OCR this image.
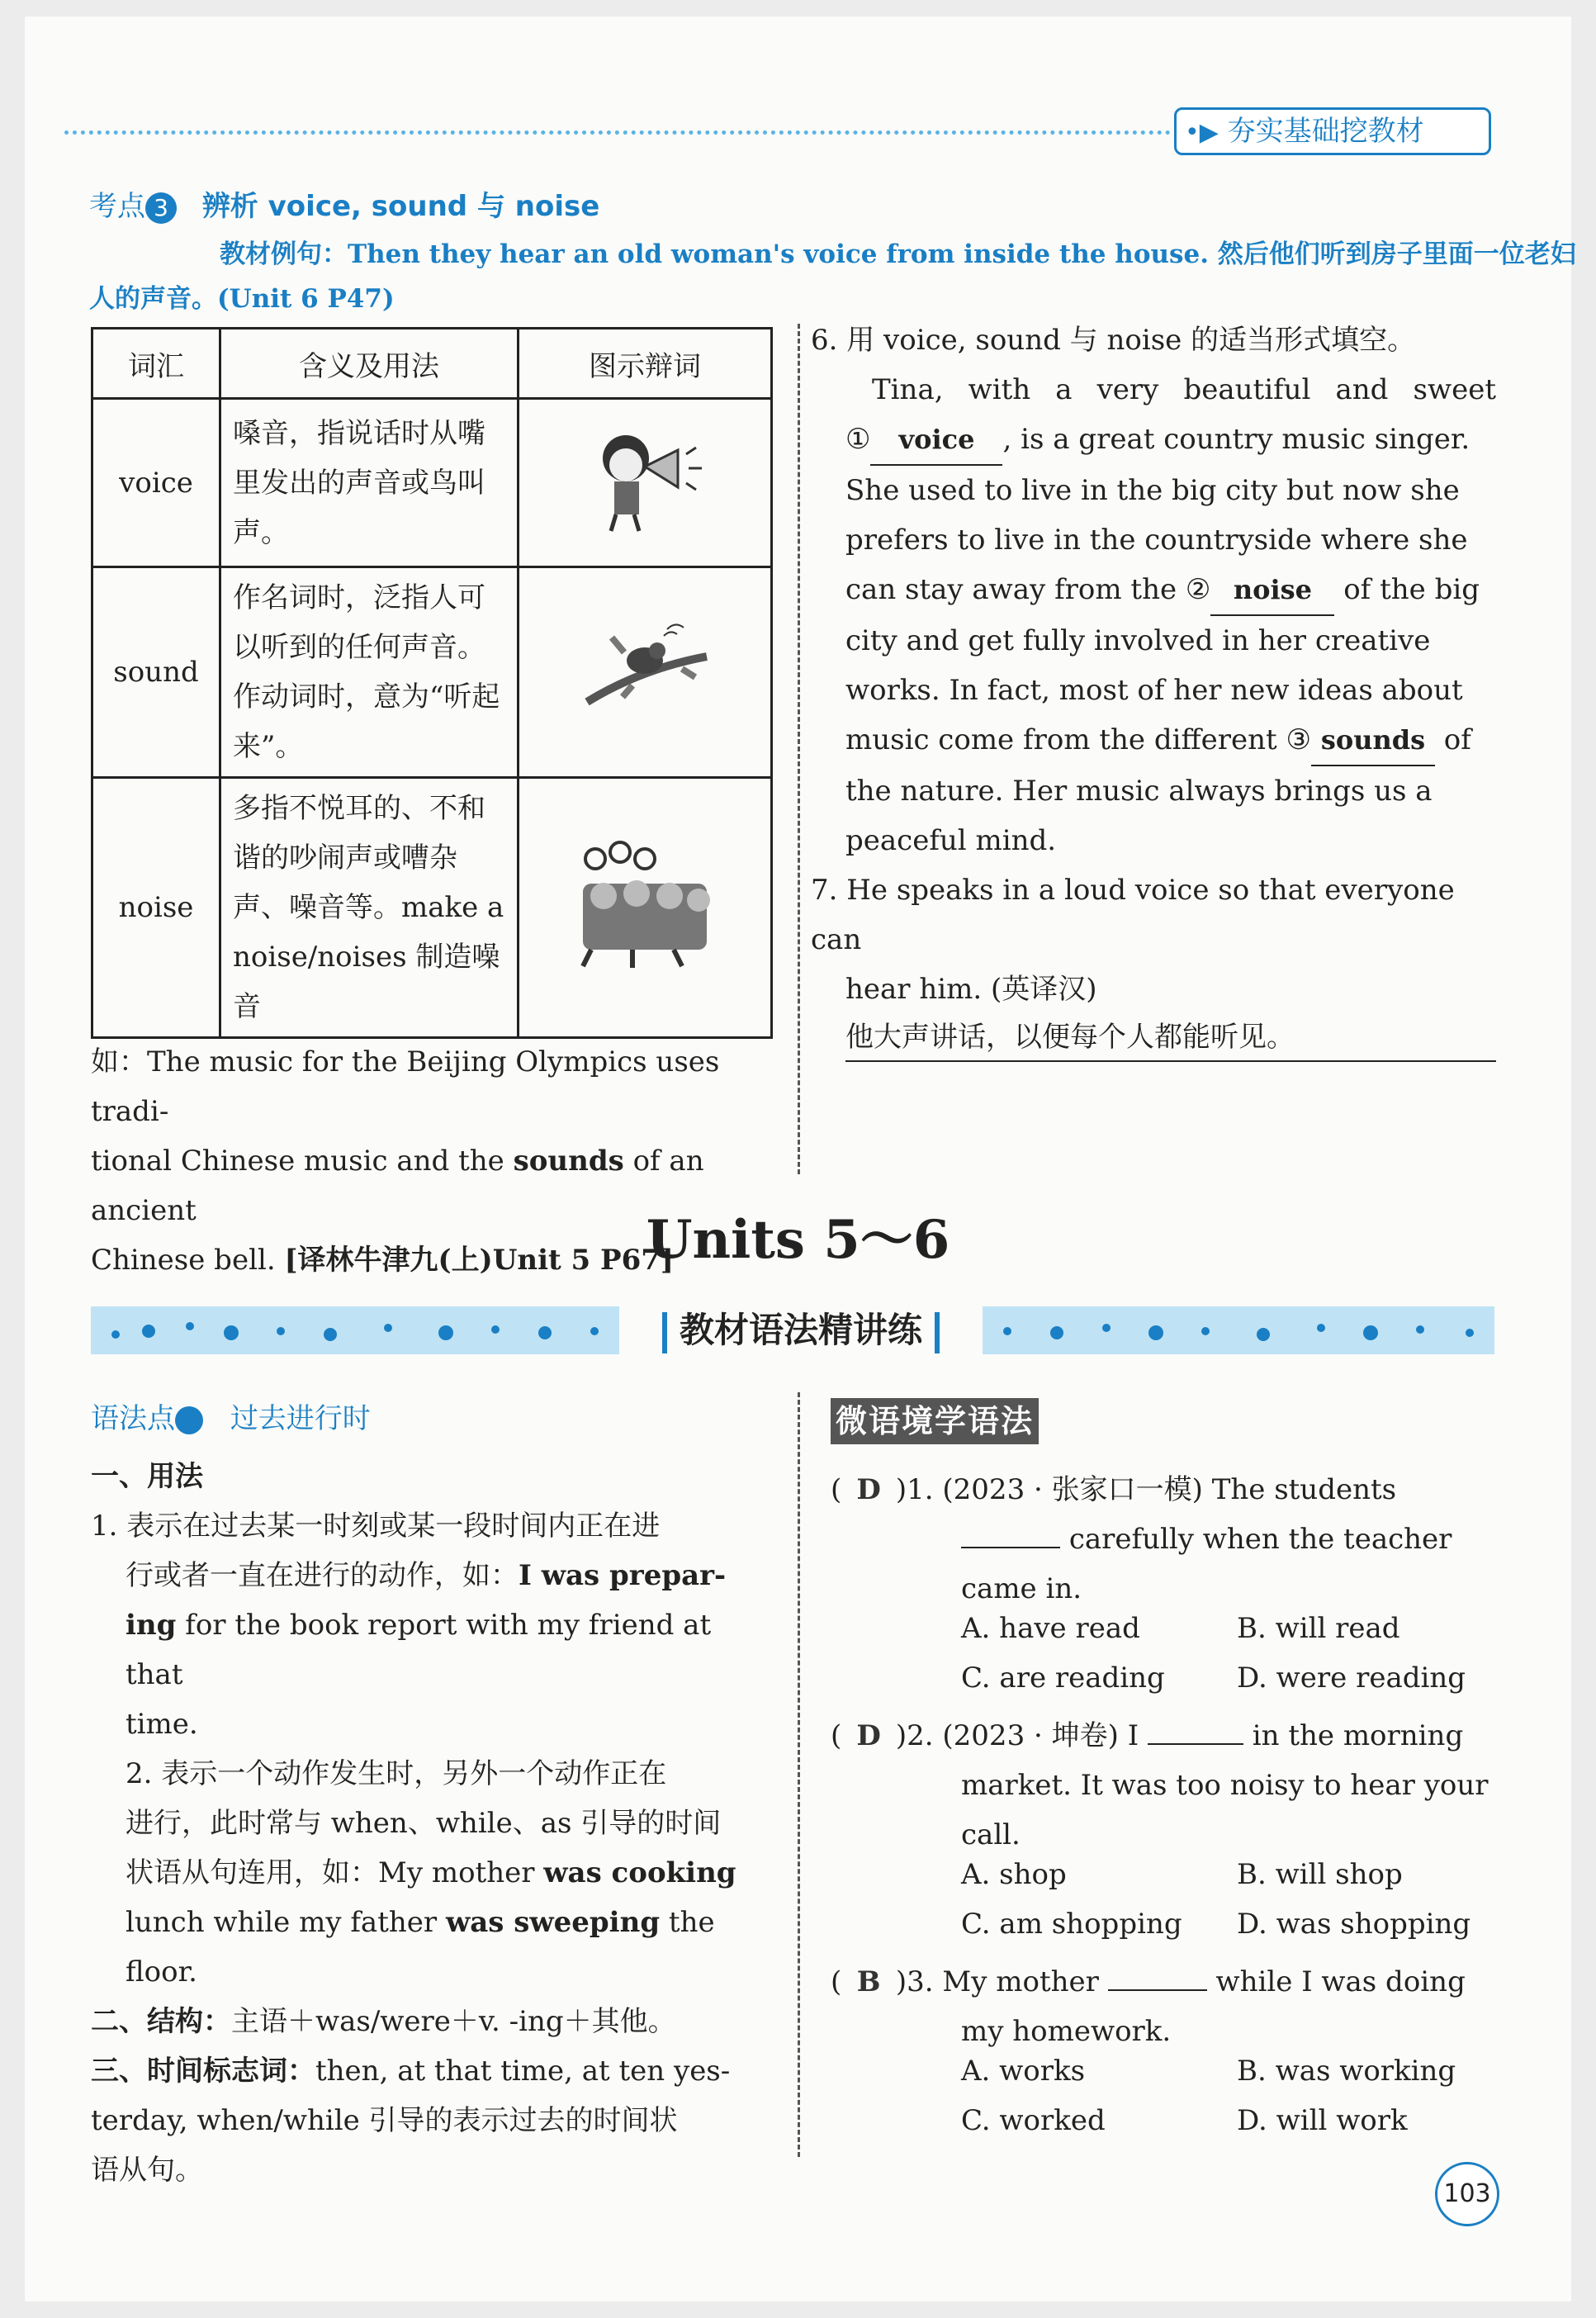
•▶ 夯实基础挖教材
考点 3 辨析 voice, sound 与 noise
教材例句：Then they hear an old woman's voice from inside the house. 然后他们听到房子里面一位老妇
人的声音。(Unit 6 P47)
词汇	含义及用法	图示辩词
voice	嗓音，指说话时从嘴里发出的声音或鸟叫声。	
sound	作名词时，泛指人可以听到的任何声音。作动词时，意为“听起来”。	
noise	多指不悦耳的、不和谐的吵闹声或嘈杂声、噪音等。make a noise/noises 制造噪音	
如：The music for the Beijing Olympics uses tradi-
tional Chinese music and the sounds of an ancient
Chinese bell. [译林牛津九(上)Unit 5 P67]
6. 用 voice, sound 与 noise 的适当形式填空。
Tina, with a very beautiful and sweet
① voice , is a great country music singer.
She used to live in the big city but now she
prefers to live in the countryside where she
can stay away from the ② noise of the big
city and get fully involved in her creative
works. In fact, most of her new ideas about
music come from the different ③ sounds of
the nature. Her music always brings us a
peaceful mind.
7. He speaks in a loud voice so that everyone can
hear him. (英译汉)
他大声讲话，以便每个人都能听见。
Units 5～6
教材语法精讲练
语法点 过去进行时
一、用法
1. 表示在过去某一时刻或某一段时间内正在进
行或者一直在进行的动作，如：I was prepar-
ing for the book report with my friend at that
time.
2. 表示一个动作发生时，另外一个动作正在
进行，此时常与 when、while、as 引导的时间
状语从句连用，如：My mother was cooking
lunch while my father was sweeping the
floor.
二、结构：主语＋was/were＋v. -ing＋其他。
三、时间标志词：then, at that time, at ten yes-
terday, when/while 引导的表示过去的时间状
语从句。
微语境学语法
( D )1. (2023 · 张家口一模) The students
carefully when the teacher
came in.
A. have read	B. will read
C. are reading	D. were reading
( D )2. (2023 · 坤卷) I	in the morning
market. It was too noisy to hear your
call.
A. shop	B. will shop
C. am shopping D. was shopping
( B )3. My mother	while I was doing
my homework.
A. works	B. was working
C. worked	D. will work
103
